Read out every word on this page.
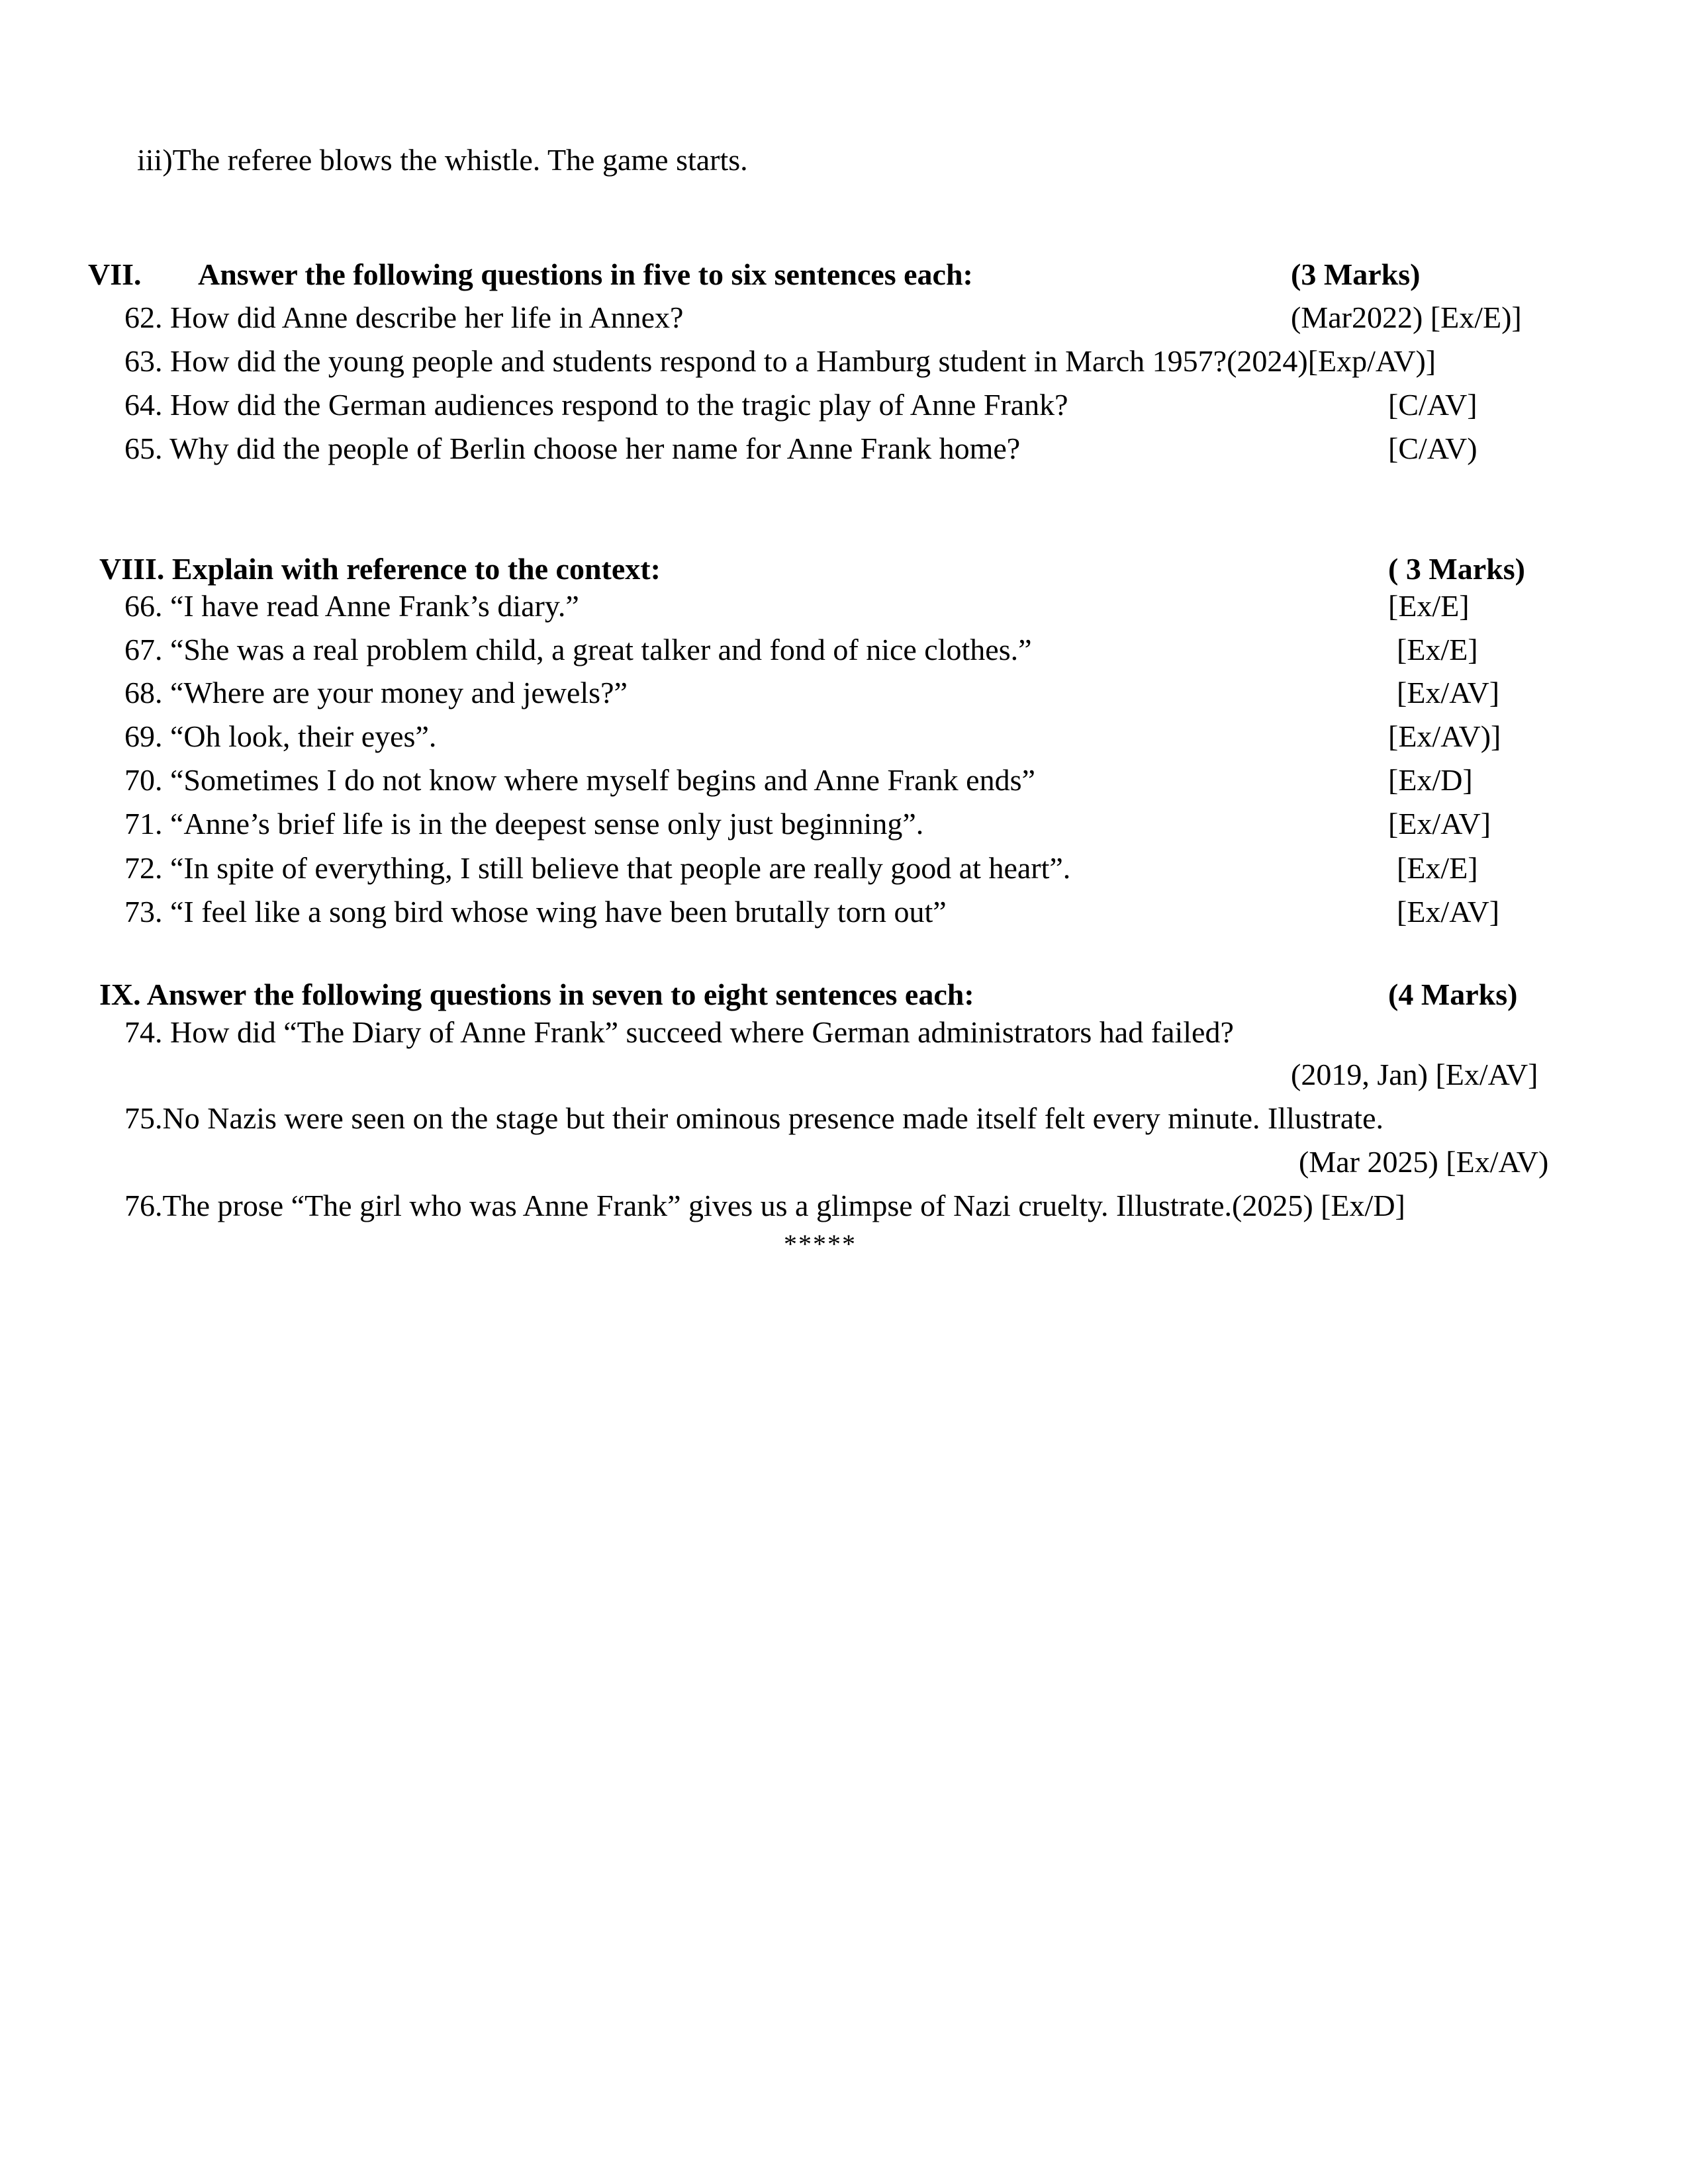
iii)The referee blows the whistle. The game starts.
VII. Answer the following questions in five to six sentences each:	(3 Marks)
62. How did Anne describe her life in Annex?	(Mar2022) [Ex/E)]
63. How did the young people and students respond to a Hamburg student in March 1957?(2024)[Exp/AV)]
64. How did the German audiences respond to the tragic play of Anne Frank?	[C/AV]
65. Why did the people of Berlin choose her name for Anne Frank home?	[C/AV)
VIII. Explain with reference to the context:	( 3 Marks)
66. “I have read Anne Frank’s diary.”	[Ex/E]
67. “She was a real problem child, a great talker and fond of nice clothes.”	[Ex/E]
68. “Where are your money and jewels?”	[Ex/AV]
69. “Oh look, their eyes”.	[Ex/AV)]
70. “Sometimes I do not know where myself begins and Anne Frank ends”	[Ex/D]
71. “Anne’s brief life is in the deepest sense only just beginning”.	[Ex/AV]
72. “In spite of everything, I still believe that people are really good at heart”.	[Ex/E]
73. “I feel like a song bird whose wing have been brutally torn out”	[Ex/AV]
IX. Answer the following questions in seven to eight sentences each:	(4 Marks)
74. How did “The Diary of Anne Frank” succeed where German administrators had failed?
(2019, Jan) [Ex/AV]
75.No Nazis were seen on the stage but their ominous presence made itself felt every minute. Illustrate.
(Mar 2025) [Ex/AV)
76.The prose “The girl who was Anne Frank” gives us a glimpse of Nazi cruelty. Illustrate.(2025) [Ex/D]
*****
